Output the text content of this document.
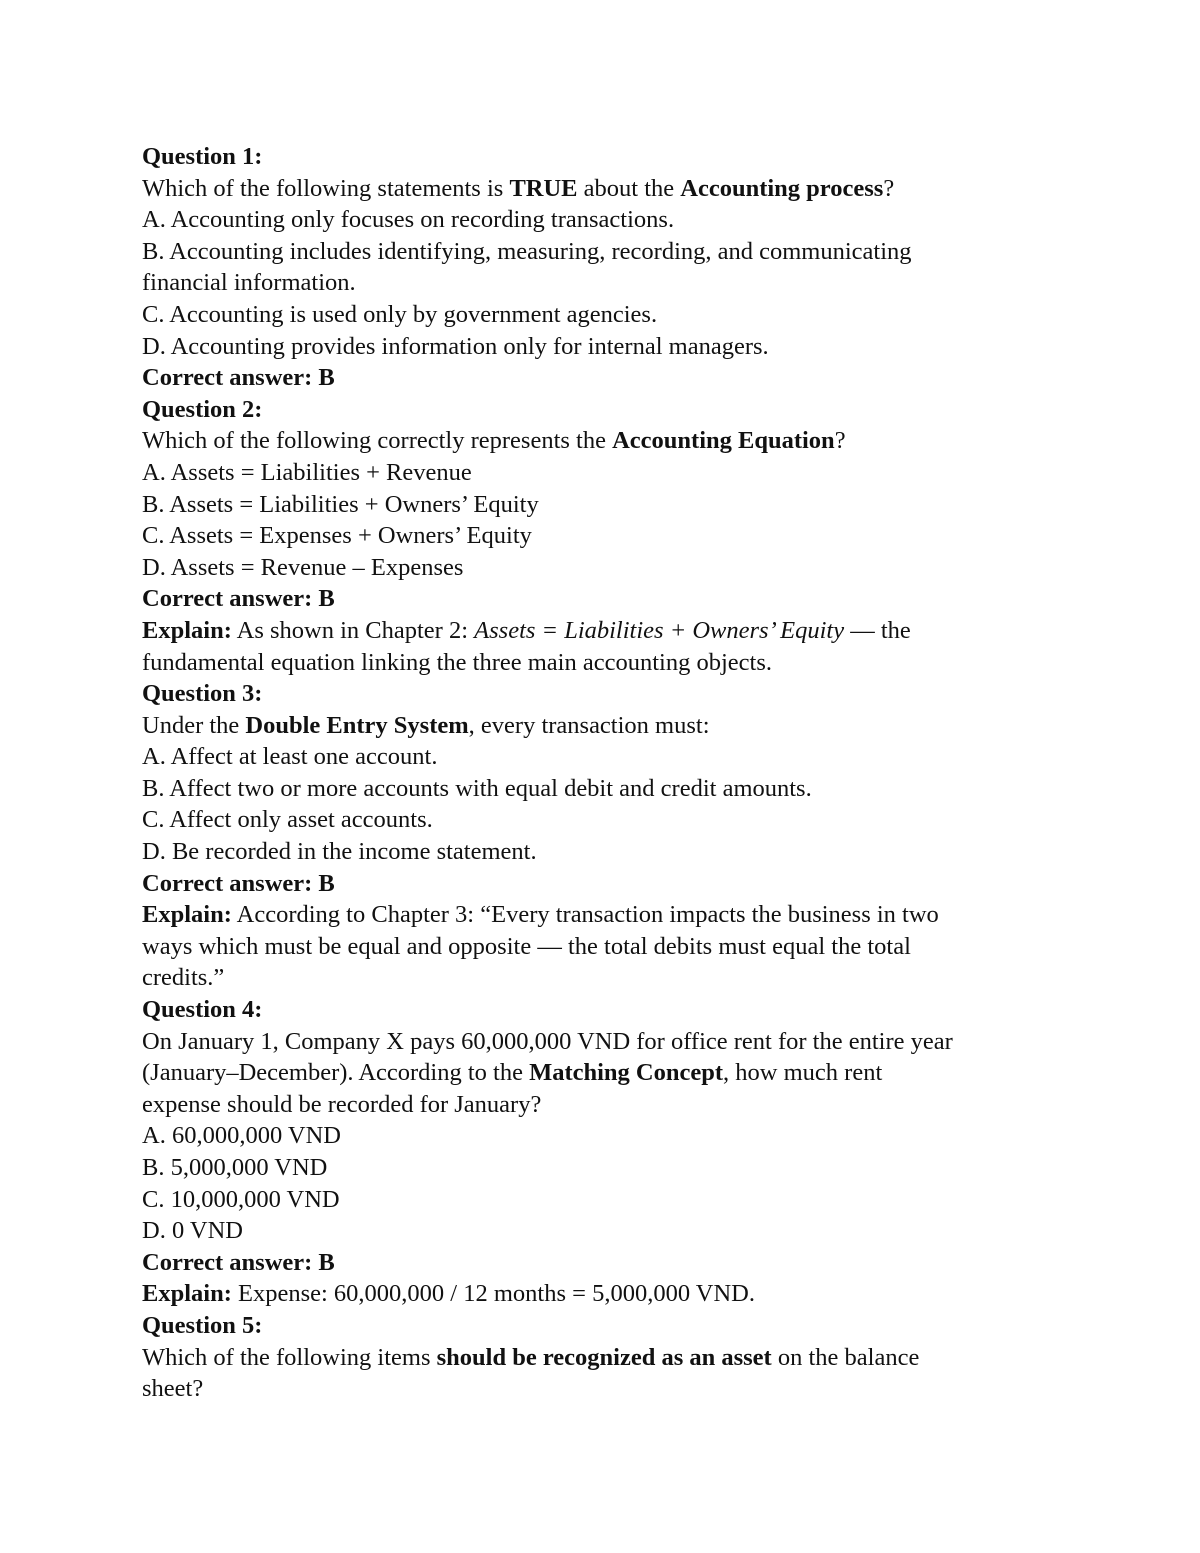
Question 1:
Which of the following statements is TRUE about the Accounting process?
A. Accounting only focuses on recording transactions.
B. Accounting includes identifying, measuring, recording, and communicating
financial information.
C. Accounting is used only by government agencies.
D. Accounting provides information only for internal managers.
Correct answer: B
Question 2:
Which of the following correctly represents the Accounting Equation?
A. Assets = Liabilities + Revenue
B. Assets = Liabilities + Owners’ Equity
C. Assets = Expenses + Owners’ Equity
D. Assets = Revenue – Expenses
Correct answer: B
Explain: As shown in Chapter 2: Assets = Liabilities + Owners’ Equity — the
fundamental equation linking the three main accounting objects.
Question 3:
Under the Double Entry System, every transaction must:
A. Affect at least one account.
B. Affect two or more accounts with equal debit and credit amounts.
C. Affect only asset accounts.
D. Be recorded in the income statement.
Correct answer: B
Explain: According to Chapter 3: “Every transaction impacts the business in two
ways which must be equal and opposite — the total debits must equal the total
credits.”
Question 4:
On January 1, Company X pays 60,000,000 VND for office rent for the entire year
(January–December). According to the Matching Concept, how much rent
expense should be recorded for January?
A. 60,000,000 VND
B. 5,000,000 VND
C. 10,000,000 VND
D. 0 VND
Correct answer: B
Explain: Expense: 60,000,000 / 12 months = 5,000,000 VND.
Question 5:
Which of the following items should be recognized as an asset on the balance
sheet?
